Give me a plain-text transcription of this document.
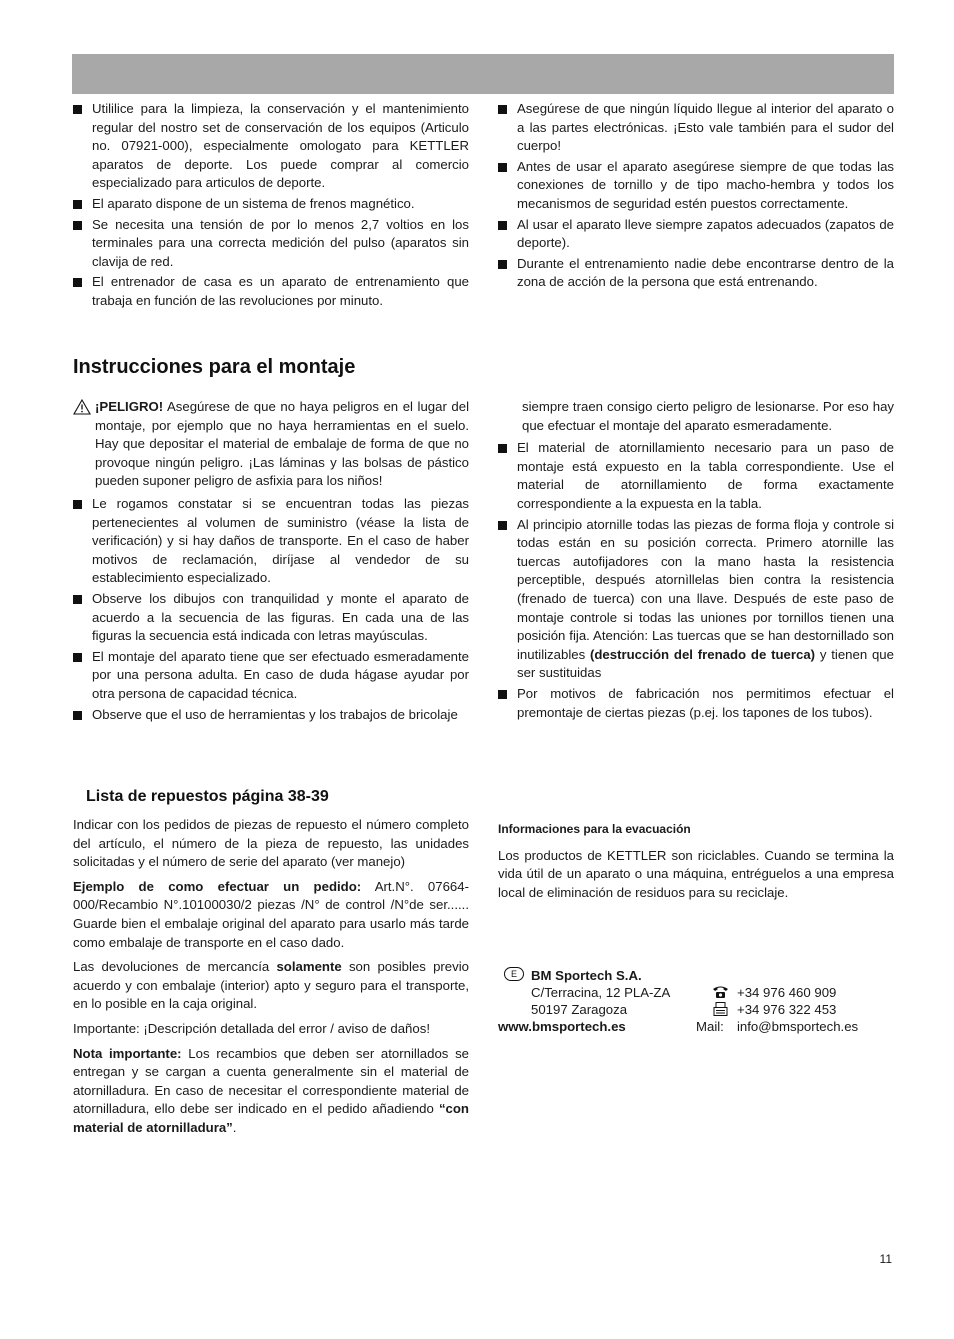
Utililice para la limpieza, la conservación y el mantenimiento regular del nostro set de conservación de los equipos (Articulo no. 07921-000), especialmente omologato para KETTLER aparatos de deporte. Los puede comprar al comercio especializado para articulos de deporte.
El aparato dispone de un sistema de frenos magnético.
Se necesita una tensión de por lo menos 2,7 voltios en los terminales para una correcta medición del pulso (aparatos sin clavija de red.
El entrenador de casa es un aparato de entrenamiento que trabaja en función de las revoluciones por minuto.
Asegúrese de que ningún líquido llegue al interior del aparato o a las partes electrónicas. ¡Esto vale también para el sudor del cuerpo!
Antes de usar el aparato asegúrese siempre de que todas las conexiones de tornillo y de tipo macho-hembra y todos los mecanismos de seguridad estén puestos correctamente.
Al usar el aparato lleve siempre zapatos adecuados (zapatos de deporte).
Durante el entrenamiento nadie debe encontrarse dentro de la zona de acción de la persona que está entrenando.
Instrucciones para el montaje
¡PELIGRO! Asegúrese de que no haya peligros en el lugar del montaje, por ejemplo que no haya herramientas en el suelo. Hay que depositar el material de embalaje de forma de que no provoque ningún peligro. ¡Las láminas y las bolsas de pástico pueden suponer peligro de asfixia para los niños!
Le rogamos constatar si se encuentran todas las piezas pertenecientes al volumen de suministro (véase la lista de verificación) y si hay daños de transporte. En el caso de haber motivos de reclamación, diríjase al vendedor de su establecimiento especializado.
Observe los dibujos con tranquilidad y monte el aparato de acuerdo a la secuencia de las figuras. En cada una de las figuras la secuencia está indicada con letras mayúsculas.
El montaje del aparato tiene que ser efectuado esmeradamente por una persona adulta. En caso de duda hágase ayudar por otra persona de capacidad técnica.
Observe que el uso de herramientas y los trabajos de bricolaje
siempre traen consigo cierto peligro de lesionarse. Por eso hay que efectuar el montaje del aparato esmeradamente.
El material de atornillamiento necesario para un paso de montaje está expuesto en la tabla correspondiente. Use el material de atornillamiento de forma exactamente correspondiente a la expuesta en la tabla.
Al principio atornille todas las piezas de forma floja y controle si todas están en su posición correcta. Primero atornille las tuercas autofijadores con la mano hasta la resistencia perceptible, después atornìllelas bien contra la resistencia (frenado de tuerca) con una llave. Después de este paso de montaje controle si todas las uniones por tornillos tienen una posición fija. Atención: Las tuercas que se han destornillado son inutilizables (destrucción del frenado de tuerca) y tienen que ser sustituidas
Por motivos de fabricación nos permitimos efectuar el premontaje de ciertas piezas (p.ej. los tapones de los tubos).
Lista de repuestos página 38-39

Indicar con los pedidos de piezas de repuesto el número completo del artículo, el número de la pieza de repuesto, las unidades solicitadas y el número de serie del aparato (ver manejo)

Ejemplo de como efectuar un pedido: Art.N°. 07664-000/Recambio N°.10100030/2 piezas /N° de control /N°de ser...... Guarde bien el embalaje original del aparato para usarlo más tarde como embalaje de transporte en el caso dado.

Las devoluciones de mercancía solamente son posibles previo acuerdo y con embalaje (interior) apto y seguro para el transporte, en lo posible en la caja original.

Importante: ¡Descripción detallada del error / aviso de daños!

Nota importante: Los recambios que deben ser atornillados se entregan y se cargan a cuenta generalmente sin el material de atornilladura. En caso de necesitar el correspondiente material de atornilladura, ello debe ser indicado en el pedido añadiendo “con material de atornilladura”.

Informaciones para la evacuación

Los productos de KETTLER son riciclables. Cuando se termina la vida útil de un aparato o una máquina, entréguelos a una empresa local de eliminación de residuos para su reciclaje.

E	BM Sportech S.A.
C/Terracina, 12 PLA-ZA	+34 976 460 909
50197 Zaragoza	+34 976 322 453
www.bmsportech.es	Mail: info@bmsportech.es
11
